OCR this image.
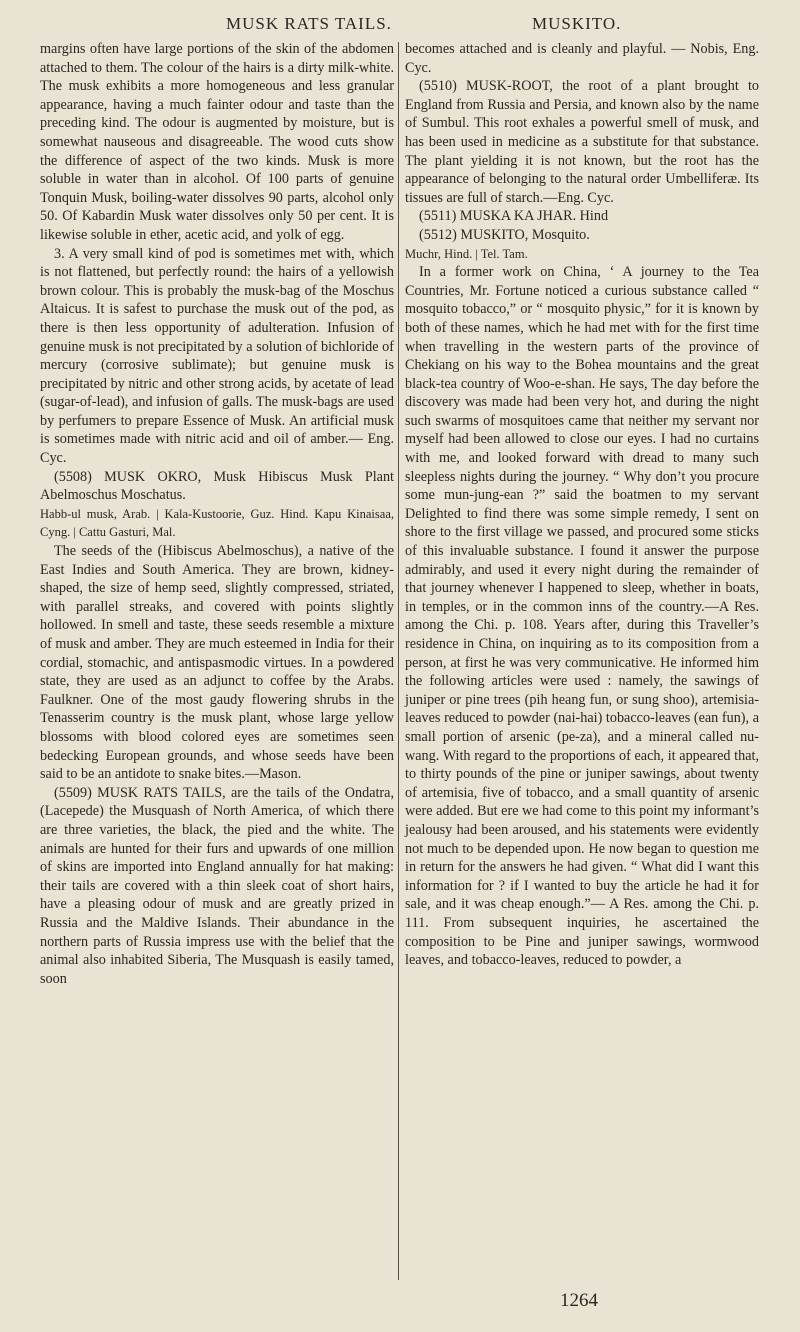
MUSK RATS TAILS.	MUSKITO.

margins often have large portions of the skin of the abdomen attached to them. The colour of the hairs is a dirty milk-white. The musk exhibits a more homogeneous and less granular appearance, having a much fainter odour and taste than the preceding kind. The odour is augmented by moisture, but is somewhat nauseous and disagreeable. The wood cuts show the difference of aspect of the two kinds. Musk is more soluble in water than in alcohol. Of 100 parts of genuine Tonquin Musk, boiling-water dissolves 90 parts, alcohol only 50. Of Kabardin Musk water dissolves only 50 per cent. It is likewise soluble in ether, acetic acid, and yolk of egg.

3. A very small kind of pod is sometimes met with, which is not flattened, but perfectly round: the hairs of a yellowish brown colour. This is probably the musk-bag of the Moschus Altaicus. It is safest to purchase the musk out of the pod, as there is then less opportunity of adulteration. Infusion of genuine musk is not precipitated by a solution of bichloride of mercury (corrosive sublimate); but genuine musk is precipitated by nitric and other strong acids, by acetate of lead (sugar-of-lead), and infusion of galls. The musk-bags are used by perfumers to prepare Essence of Musk. An artificial musk is sometimes made with nitric acid and oil of amber.— Eng. Cyc.

(5508) MUSK OKRO, Musk Hibiscus Musk Plant Abelmoschus Moschatus.

Habb-ul musk, Arab. | Kala-Kustoorie, Guz. Hind. Kapu Kinaisaa, Cyng. | Cattu Gasturi, Mal.

The seeds of the (Hibiscus Abelmoschus), a native of the East Indies and South America. They are brown, kidney-shaped, the size of hemp seed, slightly compressed, striated, with parallel streaks, and covered with points slightly hollowed. In smell and taste, these seeds resemble a mixture of musk and amber. They are much esteemed in India for their cordial, stomachic, and antispasmodic virtues. In a powdered state, they are used as an adjunct to coffee by the Arabs. Faulkner. One of the most gaudy flowering shrubs in the Tenasserim country is the musk plant, whose large yellow blossoms with blood colored eyes are sometimes seen bedecking European grounds, and whose seeds have been said to be an antidote to snake bites.—Mason.

(5509) MUSK RATS TAILS, are the tails of the Ondatra, (Lacepede) the Musquash of North America, of which there are three varieties, the black, the pied and the white. The animals are hunted for their furs and upwards of one million of skins are imported into England annually for hat making: their tails are covered with a thin sleek coat of short hairs, have a pleasing odour of musk and are greatly prized in Russia and the Maldive Islands. Their abundance in the northern parts of Russia impress use with the belief that the animal also inhabited Siberia, The Musquash is easily tamed, soon

becomes attached and is cleanly and playful. — Nobis, Eng. Cyc.

(5510) MUSK-ROOT, the root of a plant brought to England from Russia and Persia, and known also by the name of Sumbul. This root exhales a powerful smell of musk, and has been used in medicine as a substitute for that substance. The plant yielding it is not known, but the root has the appearance of belonging to the natural order Umbelliferæ. Its tissues are full of starch.—Eng. Cyc.

(5511) MUSKA KA JHAR. Hind

(5512) MUSKITO, Mosquito.

Muchr, Hind. | Tel. Tam.

In a former work on China, ‘ A journey to the Tea Countries, Mr. Fortune noticed a curious substance called “ mosquito tobacco,” or “ mosquito physic,” for it is known by both of these names, which he had met with for the first time when travelling in the western parts of the province of Chekiang on his way to the Bohea mountains and the great black-tea country of Woo-e-shan. He says, The day before the discovery was made had been very hot, and during the night such swarms of mosquitoes came that neither my servant nor myself had been allowed to close our eyes. I had no curtains with me, and looked forward with dread to many such sleepless nights during the journey. “ Why don’t you procure some mun-jung-ean ?” said the boatmen to my servant Delighted to find there was some simple remedy, I sent on shore to the first village we passed, and procured some sticks of this invaluable substance. I found it answer the purpose admirably, and used it every night during the remainder of that journey whenever I happened to sleep, whether in boats, in temples, or in the common inns of the country.—A Res. among the Chi. p. 108. Years after, during this Traveller’s residence in China, on inquiring as to its composition from a person, at first he was very communicative. He informed him the following articles were used : namely, the sawings of juniper or pine trees (pih heang fun, or sung shoo), artemisia-leaves reduced to powder (nai-hai) tobacco-leaves (ean fun), a small portion of arsenic (pe-za), and a mineral called nu-wang. With regard to the proportions of each, it appeared that, to thirty pounds of the pine or juniper sawings, about twenty of artemisia, five of tobacco, and a small quantity of arsenic were added. But ere we had come to this point my informant’s jealousy had been aroused, and his statements were evidently not much to be depended upon. He now began to question me in return for the answers he had given. “ What did I want this information for ? if I wanted to buy the article he had it for sale, and it was cheap enough.”— A Res. among the Chi. p. 111. From subsequent inquiries, he ascertained the composition to be Pine and juniper sawings, wormwood leaves, and tobacco-leaves, reduced to powder, a

1264
